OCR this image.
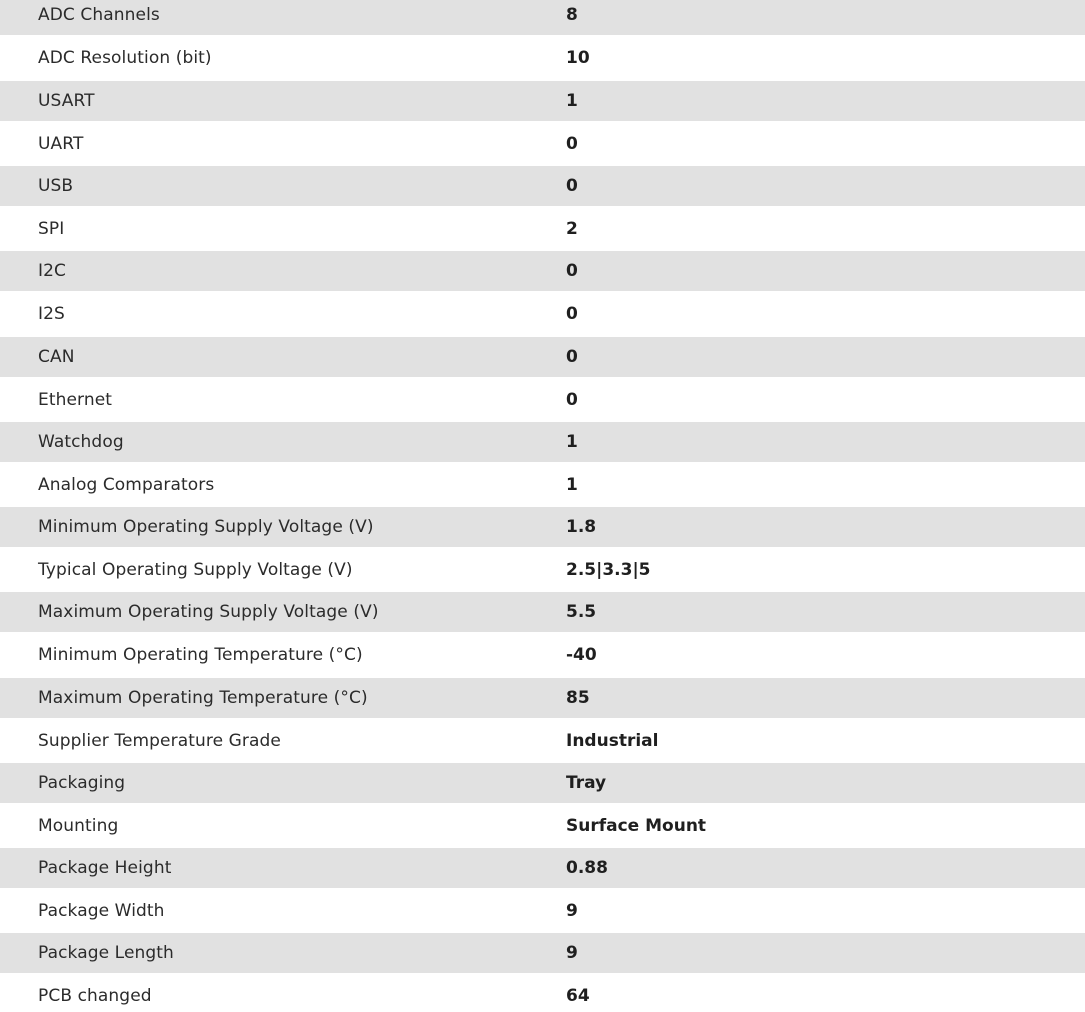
ADC Channels	8
ADC Resolution (bit)	10
USART	1
UART	0
USB	0
SPI	2
I2C	0
I2S	0
CAN	0
Ethernet	0
Watchdog	1
Analog Comparators	1
Minimum Operating Supply Voltage (V)	1.8
Typical Operating Supply Voltage (V)	2.5|3.3|5
Maximum Operating Supply Voltage (V)	5.5
Minimum Operating Temperature (°C)	-40
Maximum Operating Temperature (°C)	85
Supplier Temperature Grade	Industrial
Packaging	Tray
Mounting	Surface Mount
Package Height	0.88
Package Width	9
Package Length	9
PCB changed	64
